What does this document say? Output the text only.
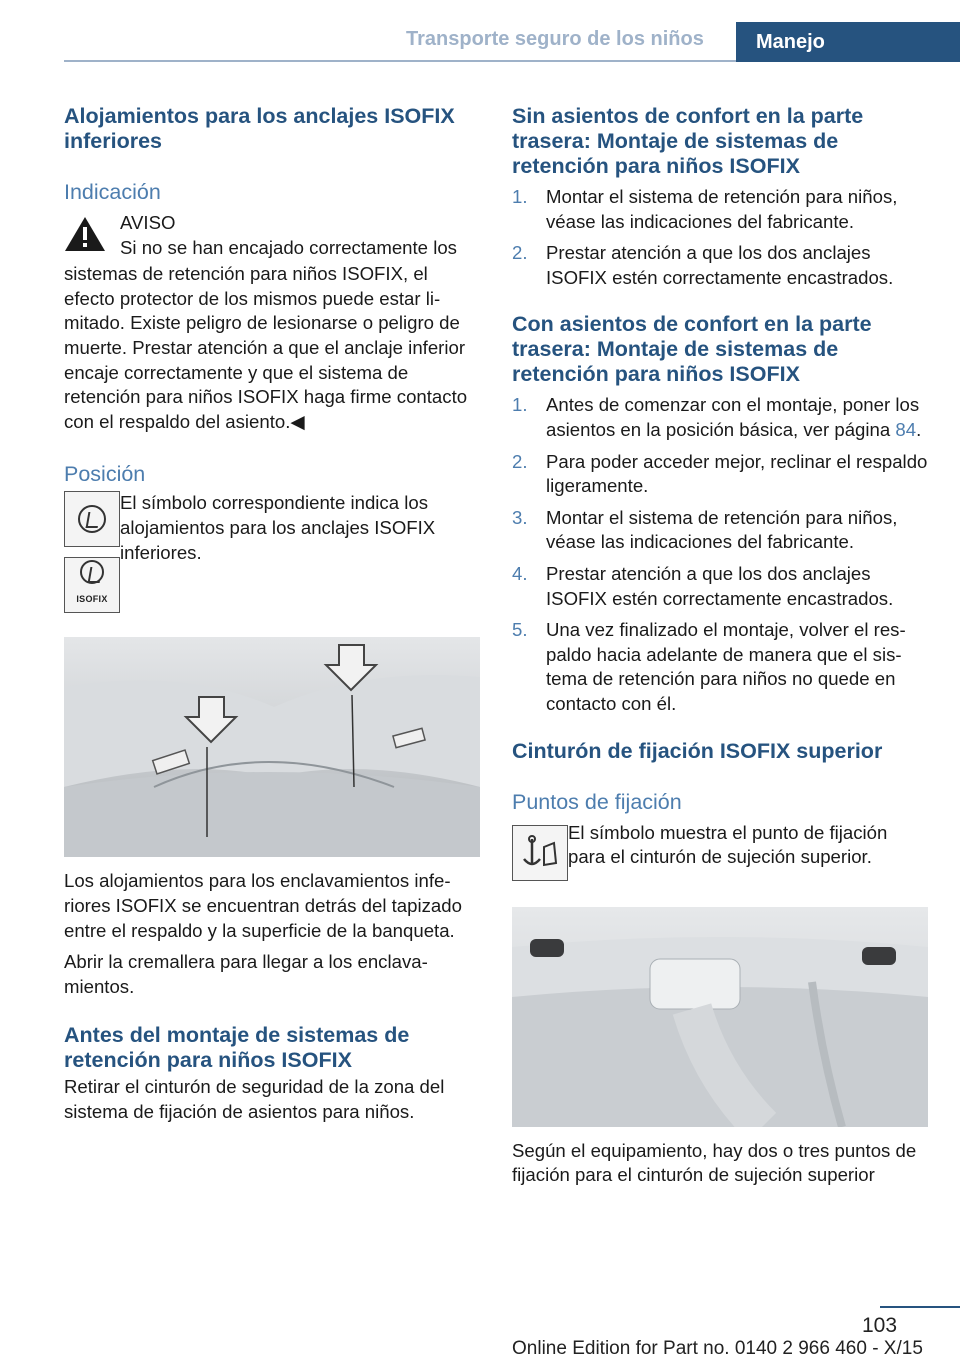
Transporte seguro de los niños	Manejo
Alojamientos para los anclajes ISOFIX inferiores
Indicación
AVISO
Si no se han encajado correctamente los
sistemas de retención para niños ISOFIX, el efecto protector de los mismos puede estar limitado. Existe peligro de lesionarse o peligro de muerte. Prestar atención a que el anclaje inferior encaje correctamente y que el sistema de retención para niños ISOFIX haga firme contacto con el respaldo del asiento.◀
Posición
ISOFIX

El símbolo correspondiente indica los alojamientos para los anclajes ISOFIX inferiores.

Los alojamientos para los enclavamientos inferiores ISOFIX se encuentran detrás del tapizado entre el respaldo y la superficie de la banqueta.

Abrir la cremallera para llegar a los enclavamientos.

Antes del montaje de sistemas de retención para niños ISOFIX

Retirar el cinturón de seguridad de la zona del sistema de fijación de asientos para niños.

Sin asientos de confort en la parte trasera: Montaje de sistemas de retención para niños ISOFIX
1. Montar el sistema de retención para niños, véase las indicaciones del fabricante.
2. Prestar atención a que los dos anclajes ISOFIX estén correctamente encastrados.
Con asientos de confort en la parte trasera: Montaje de sistemas de retención para niños ISOFIX
1. Antes de comenzar con el montaje, poner los asientos en la posición básica, ver página 84.
2. Para poder acceder mejor, reclinar el respaldo ligeramente.
3. Montar el sistema de retención para niños, véase las indicaciones del fabricante.
4. Prestar atención a que los dos anclajes ISOFIX estén correctamente encastrados.
5. Una vez finalizado el montaje, volver el respaldo hacia adelante de manera que el sistema de retención para niños no quede en contacto con él.
Cinturón de fijación ISOFIX superior
Puntos de fijación

El símbolo muestra el punto de fijación para el cinturón de sujeción superior.

Según el equipamiento, hay dos o tres puntos de fijación para el cinturón de sujeción superior

103
Online Edition for Part no. 0140 2 966 460 - X/15
